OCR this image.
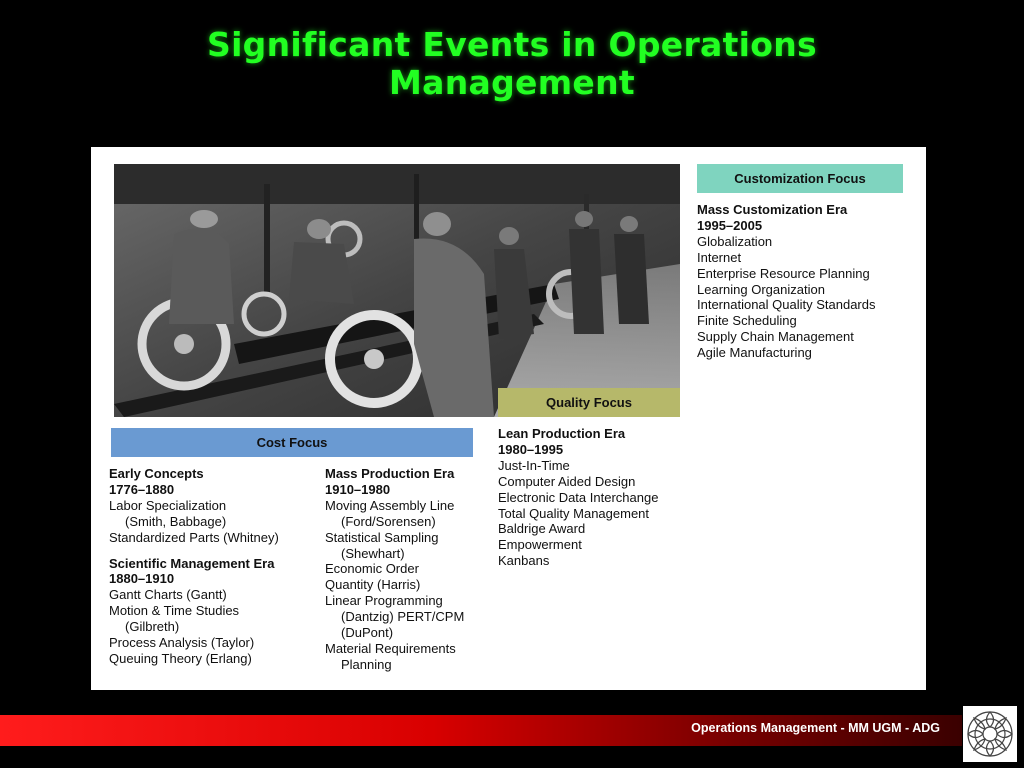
Significant Events in Operations
Management
Customization Focus
Mass Customization Era
1995–2005
Globalization
Internet
Enterprise Resource Planning
Learning Organization
International Quality Standards
Finite Scheduling
Supply Chain Management
Agile Manufacturing
Quality Focus
Lean Production Era
1980–1995
Just-In-Time
Computer Aided Design
Electronic Data Interchange
Total Quality Management
Baldrige Award
Empowerment
Kanbans
Cost Focus
Early Concepts
1776–1880
Labor Specialization
(Smith, Babbage)
Standardized Parts (Whitney)
Scientific Management Era
1880–1910
Gantt Charts (Gantt)
Motion & Time Studies
(Gilbreth)
Process Analysis (Taylor)
Queuing Theory (Erlang)
Mass Production Era
1910–1980
Moving Assembly Line
(Ford/Sorensen)
Statistical Sampling
(Shewhart)
Economic Order
Quantity (Harris)
Linear Programming
(Dantzig) PERT/CPM
(DuPont)
Material Requirements
Planning
Operations Management - MM UGM - ADG
